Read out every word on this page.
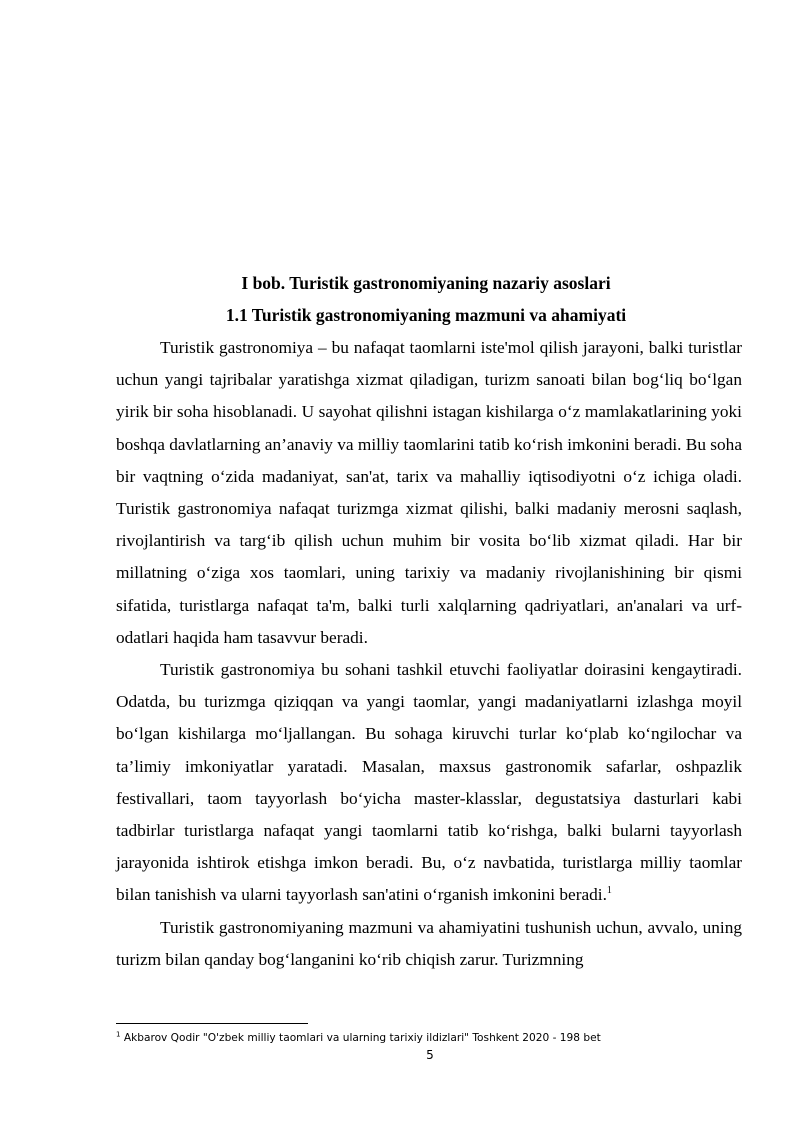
I bob. Turistik gastronomiyaning nazariy asoslari
1.1 Turistik gastronomiyaning mazmuni va ahamiyati

Turistik gastronomiya – bu nafaqat taomlarni iste'mol qilish jarayoni, balki turistlar uchun yangi tajribalar yaratishga xizmat qiladigan, turizm sanoati bilan bog‘liq bo‘lgan yirik bir soha hisoblanadi. U sayohat qilishni istagan kishilarga o‘z mamlakatlarining yoki boshqa davlatlarning an’anaviy va milliy taomlarini tatib ko‘rish imkonini beradi. Bu soha bir vaqtning o‘zida madaniyat, san'at, tarix va mahalliy iqtisodiyotni o‘z ichiga oladi. Turistik gastronomiya nafaqat turizmga xizmat qilishi, balki madaniy merosni saqlash, rivojlantirish va targ‘ib qilish uchun muhim bir vosita bo‘lib xizmat qiladi. Har bir millatning o‘ziga xos taomlari, uning tarixiy va madaniy rivojlanishining bir qismi sifatida, turistlarga nafaqat ta'm, balki turli xalqlarning qadriyatlari, an'analari va urf-odatlari haqida ham tasavvur beradi.

Turistik gastronomiya bu sohani tashkil etuvchi faoliyatlar doirasini kengaytiradi. Odatda, bu turizmga qiziqqan va yangi taomlar, yangi madaniyatlarni izlashga moyil bo‘lgan kishilarga mo‘ljallangan. Bu sohaga kiruvchi turlar ko‘plab ko‘ngilochar va ta’limiy imkoniyatlar yaratadi. Masalan, maxsus gastronomik safarlar, oshpazlik festivallari, taom tayyorlash bo‘yicha master-klasslar, degustatsiya dasturlari kabi tadbirlar turistlarga nafaqat yangi taomlarni tatib ko‘rishga, balki bularni tayyorlash jarayonida ishtirok etishga imkon beradi. Bu, o‘z navbatida, turistlarga milliy taomlar bilan tanishish va ularni tayyorlash san'atini o‘rganish imkonini beradi.$^1$

Turistik gastronomiyaning mazmuni va ahamiyatini tushunish uchun, avvalo, uning turizm bilan qanday bog‘langanini ko‘rib chiqish zarur. Turizmning

$^1$ Akbarov Qodir "O'zbek milliy taomlari va ularning tarixiy ildizlari" Toshkent 2020 - 198 bet
5
